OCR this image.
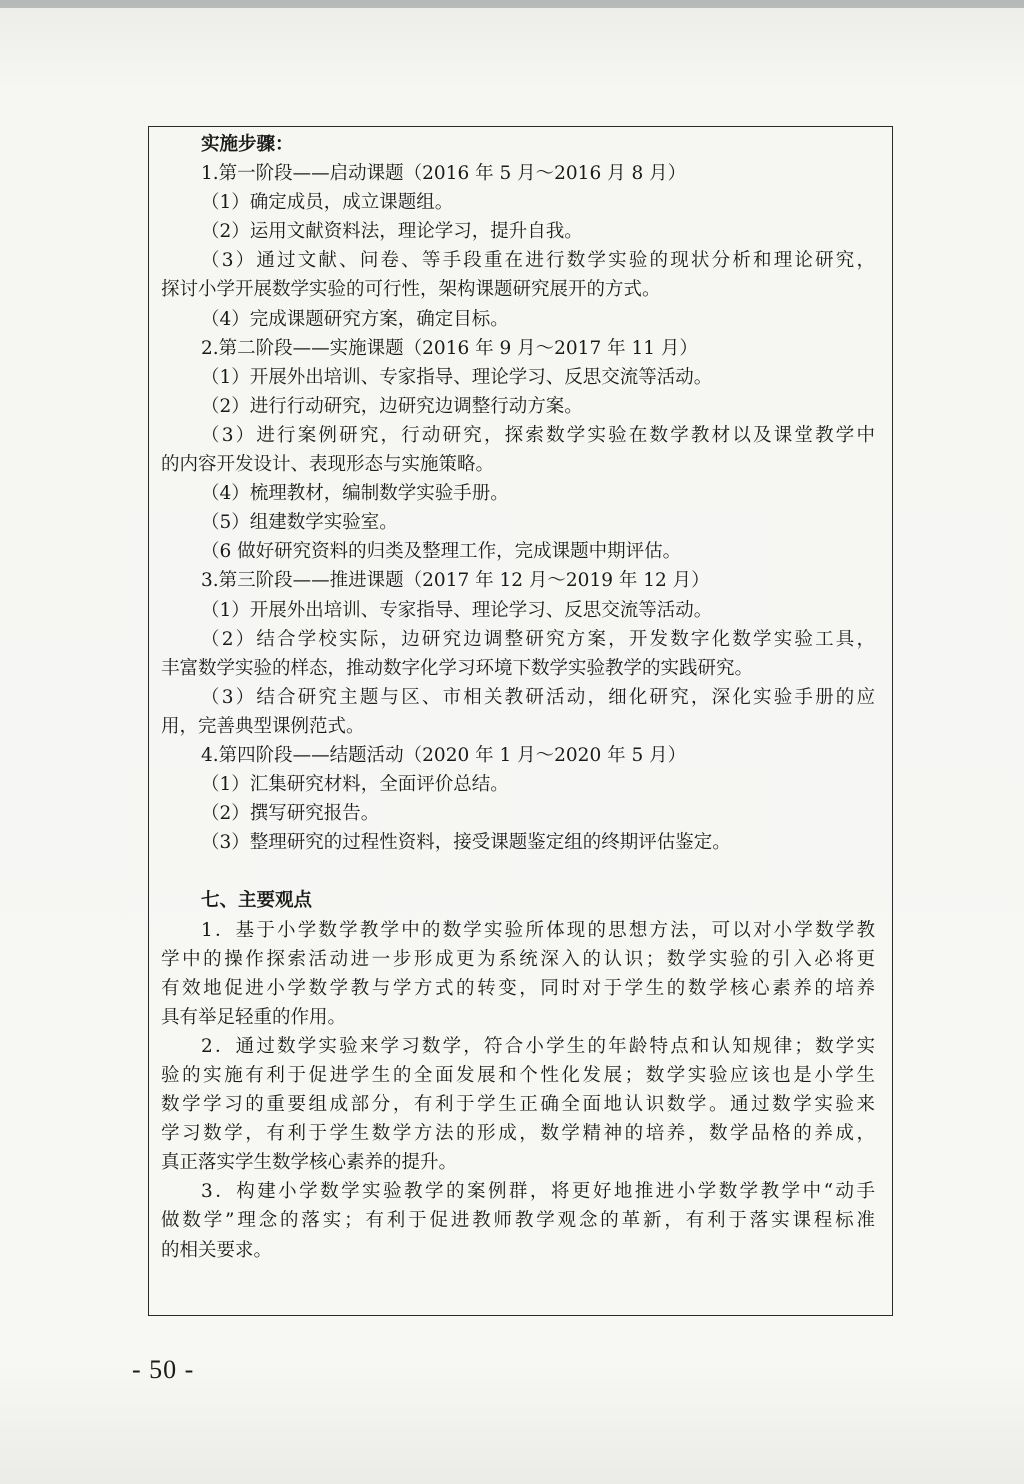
实施步骤：
1.第一阶段——启动课题（2016 年 5 月～2016 月 8 月）
（1）确定成员，成立课题组。
（2）运用文献资料法，理论学习，提升自我。
（3）通过文献、问卷、等手段重在进行数学实验的现状分析和理论研究，
探讨小学开展数学实验的可行性，架构课题研究展开的方式。
（4）完成课题研究方案，确定目标。
2.第二阶段——实施课题（2016 年 9 月～2017 年 11 月）
（1）开展外出培训、专家指导、理论学习、反思交流等活动。
（2）进行行动研究，边研究边调整行动方案。
（3）进行案例研究，行动研究，探索数学实验在数学教材以及课堂教学中
的内容开发设计、表现形态与实施策略。
（4）梳理教材，编制数学实验手册。
（5）组建数学实验室。
（6 做好研究资料的归类及整理工作，完成课题中期评估。
3.第三阶段——推进课题（2017 年 12 月～2019 年 12 月）
（1）开展外出培训、专家指导、理论学习、反思交流等活动。
（2）结合学校实际，边研究边调整研究方案，开发数字化数学实验工具，
丰富数学实验的样态，推动数字化学习环境下数学实验教学的实践研究。
（3）结合研究主题与区、市相关教研活动，细化研究，深化实验手册的应
用，完善典型课例范式。
4.第四阶段——结题活动（2020 年 1 月～2020 年 5 月）
（1）汇集研究材料，全面评价总结。
（2）撰写研究报告。
（3）整理研究的过程性资料，接受课题鉴定组的终期评估鉴定。
七、主要观点
1．基于小学数学教学中的数学实验所体现的思想方法，可以对小学数学教
学中的操作探索活动进一步形成更为系统深入的认识；数学实验的引入必将更
有效地促进小学数学教与学方式的转变，同时对于学生的数学核心素养的培养
具有举足轻重的作用。
2．通过数学实验来学习数学，符合小学生的年龄特点和认知规律；数学实
验的实施有利于促进学生的全面发展和个性化发展；数学实验应该也是小学生
数学学习的重要组成部分，有利于学生正确全面地认识数学。通过数学实验来
学习数学，有利于学生数学方法的形成，数学精神的培养，数学品格的养成，
真正落实学生数学核心素养的提升。
3．构建小学数学实验教学的案例群，将更好地推进小学数学教学中“动手
做数学”理念的落实；有利于促进教师教学观念的革新，有利于落实课程标准
的相关要求。
- 50 -
